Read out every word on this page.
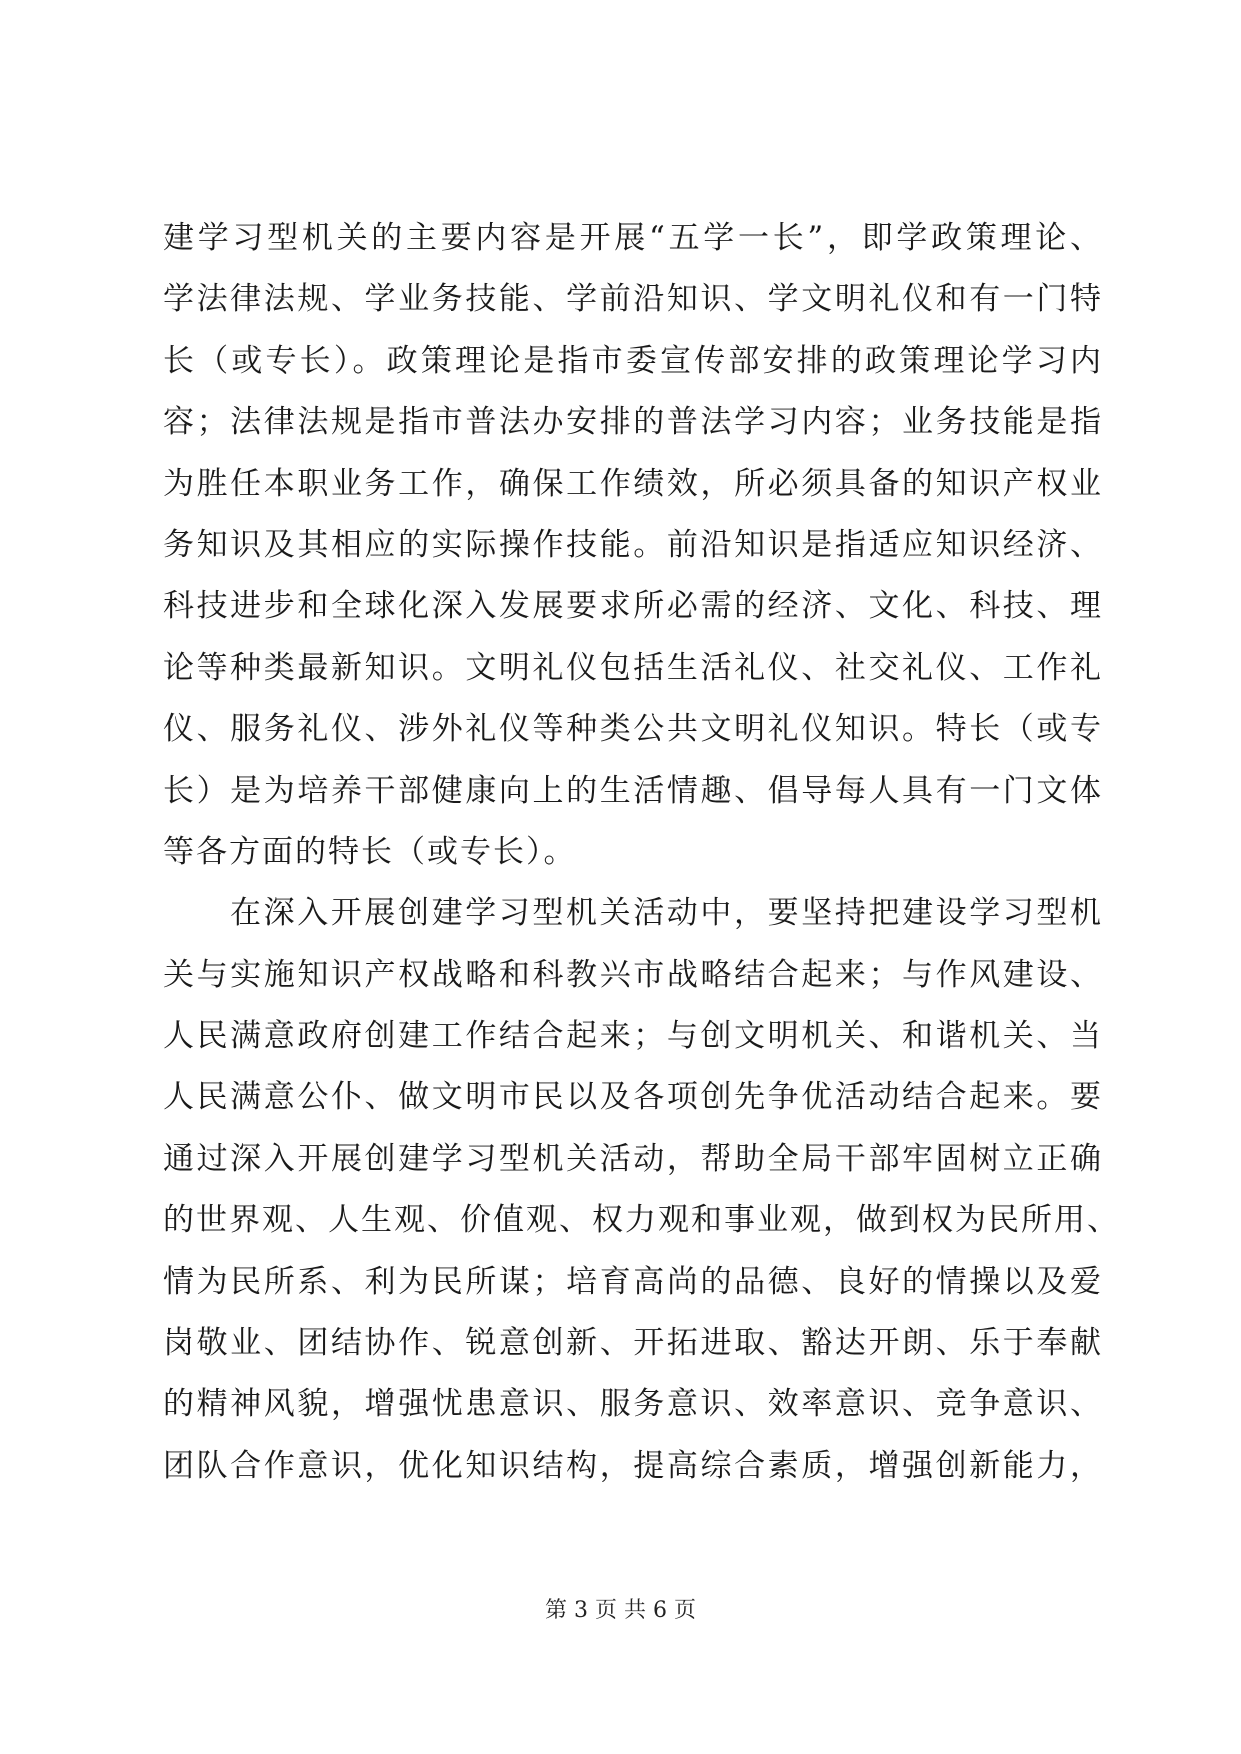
建学习型机关的主要内容是开展“五学一长”，即学政策理论、
学法律法规、学业务技能、学前沿知识、学文明礼仪和有一门特
长（或专长）。政策理论是指市委宣传部安排的政策理论学习内
容；法律法规是指市普法办安排的普法学习内容；业务技能是指
为胜任本职业务工作，确保工作绩效，所必须具备的知识产权业
务知识及其相应的实际操作技能。前沿知识是指适应知识经济、
科技进步和全球化深入发展要求所必需的经济、文化、科技、理
论等种类最新知识。文明礼仪包括生活礼仪、社交礼仪、工作礼
仪、服务礼仪、涉外礼仪等种类公共文明礼仪知识。特长（或专
长）是为培养干部健康向上的生活情趣、倡导每人具有一门文体
等各方面的特长（或专长）。
在深入开展创建学习型机关活动中，要坚持把建设学习型机
关与实施知识产权战略和科教兴市战略结合起来；与作风建设、
人民满意政府创建工作结合起来；与创文明机关、和谐机关、当
人民满意公仆、做文明市民以及各项创先争优活动结合起来。要
通过深入开展创建学习型机关活动，帮助全局干部牢固树立正确
的世界观、人生观、价值观、权力观和事业观，做到权为民所用、
情为民所系、利为民所谋；培育高尚的品德、良好的情操以及爱
岗敬业、团结协作、锐意创新、开拓进取、豁达开朗、乐于奉献
的精神风貌，增强忧患意识、服务意识、效率意识、竞争意识、
团队合作意识，优化知识结构，提高综合素质，增强创新能力，
第 3 页 共 6 页
